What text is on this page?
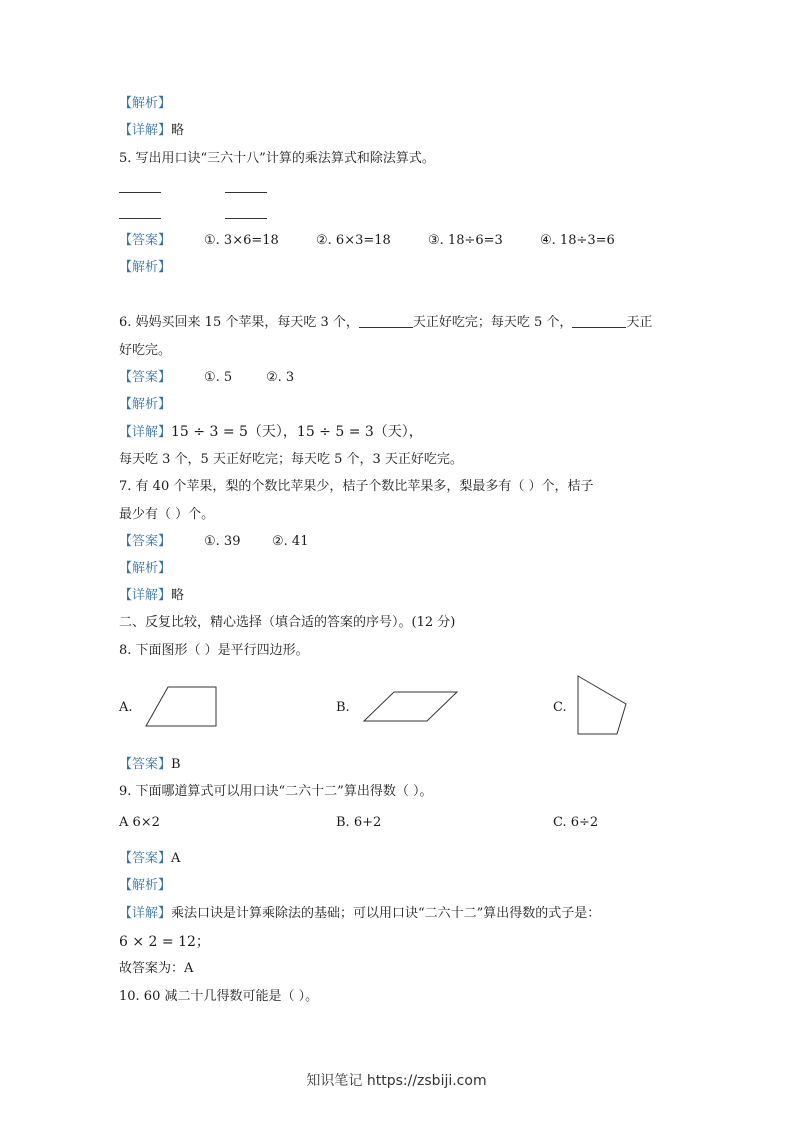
【解析】
【详解】略
5. 写出用口诀“三六十八”计算的乘法算式和除法算式。
【答案】	①. 3×6=18	②. 6×3=18	③. 18÷6=3	④. 18÷3=6
【解析】
6. 妈妈买回来 15 个苹果，每天吃 3 个，	天正好吃完；每天吃 5 个，	天正
好吃完。
【答案】	①. 5	②. 3
【解析】
【详解】15 ÷ 3 = 5（天），15 ÷ 5 = 3（天），
每天吃 3 个，5 天正好吃完；每天吃 5 个，3 天正好吃完。
7. 有 40 个苹果，梨的个数比苹果少，桔子个数比苹果多，梨最多有（ ）个，桔子
最少有（ ）个。
【答案】	①. 39 ②. 41
【解析】
【详解】略
二、反复比较，精心选择（填合适的答案的序号）。(12 分)
8. 下面图形（ ）是平行四边形。
A.	B.	C.
【答案】B
9. 下面哪道算式可以用口诀“二六十二”算出得数（ ）。
A 6×2	B. 6+2	C. 6÷2
【答案】A
【解析】
【详解】乘法口诀是计算乘除法的基础；可以用口诀“二六十二”算出得数的式子是：
6 × 2 = 12；
故答案为：A
10. 60 减二十几得数可能是（ ）。
知识笔记 https://zsbiji.com
